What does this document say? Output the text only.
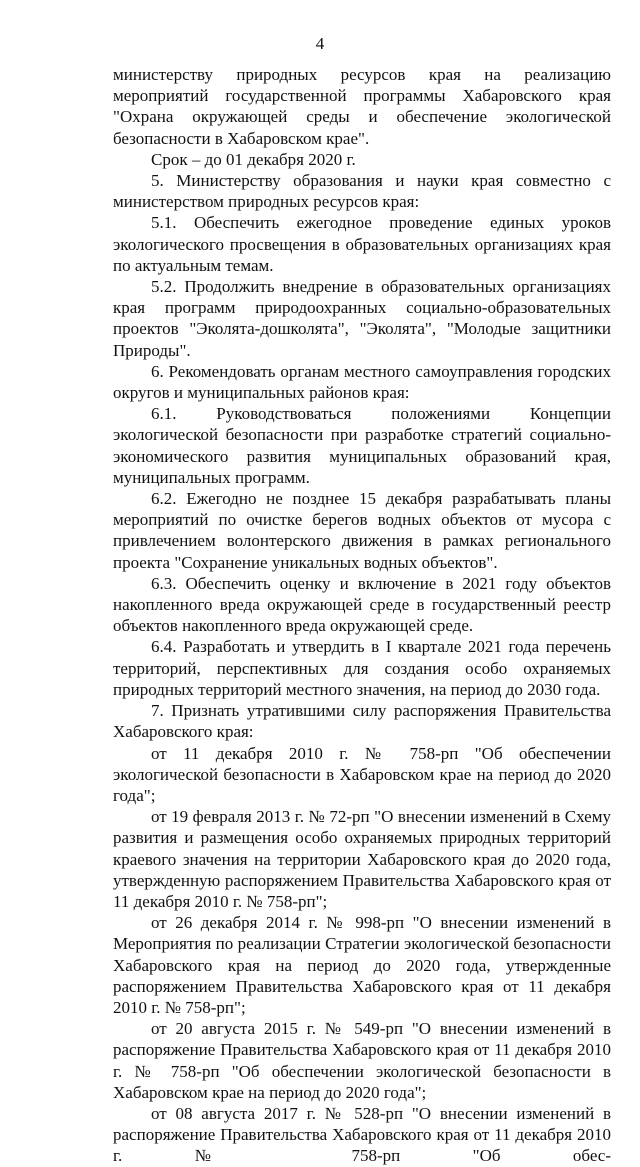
4

министерству природных ресурсов края на реализацию мероприятий государственной программы Хабаровского края "Охрана окружающей среды и обеспечение экологической безопасности в Хабаровском крае".

Срок – до 01 декабря 2020 г.

5. Министерству образования и науки края совместно с министерством природных ресурсов края:

5.1. Обеспечить ежегодное проведение единых уроков экологического просвещения в образовательных организациях края по актуальным темам.

5.2. Продолжить внедрение в образовательных организациях края программ природоохранных социально-образовательных проектов "Эколята-дошколята", "Эколята", "Молодые защитники Природы".

6. Рекомендовать органам местного самоуправления городских округов и муниципальных районов края:

6.1. Руководствоваться положениями Концепции экологической безопасности при разработке стратегий социально-экономического развития муниципальных образований края, муниципальных программ.

6.2. Ежегодно не позднее 15 декабря разрабатывать планы мероприятий по очистке берегов водных объектов от мусора с привлечением волонтерского движения в рамках регионального проекта "Сохранение уникальных водных объектов".

6.3. Обеспечить оценку и включение в 2021 году объектов накопленного вреда окружающей среде в государственный реестр объектов накопленного вреда окружающей среде.

6.4. Разработать и утвердить в I квартале 2021 года перечень территорий, перспективных для создания особо охраняемых природных территорий местного значения, на период до 2030 года.

7. Признать утратившими силу распоряжения Правительства Хабаровского края:

от 11 декабря 2010 г. № 758-рп "Об обеспечении экологической безопасности в Хабаровском крае на период до 2020 года";

от 19 февраля 2013 г. № 72-рп "О внесении изменений в Схему развития и размещения особо охраняемых природных территорий краевого значения на территории Хабаровского края до 2020 года, утвержденную распоряжением Правительства Хабаровского края от 11 декабря 2010 г. № 758-рп";

от 26 декабря 2014 г. № 998-рп "О внесении изменений в Мероприятия по реализации Стратегии экологической безопасности Хабаровского края на период до 2020 года, утвержденные распоряжением Правительства Хабаровского края от 11 декабря 2010 г. № 758-рп";

от 20 августа 2015 г. № 549-рп "О внесении изменений в распоряжение Правительства Хабаровского края от 11 декабря 2010 г. № 758-рп "Об обеспечении экологической безопасности в Хабаровском крае на период до 2020 года";

от 08 августа 2017 г. № 528-рп "О внесении изменений в распоряжение Правительства Хабаровского края от 11 декабря 2010 г. № 758-рп "Об обес-
